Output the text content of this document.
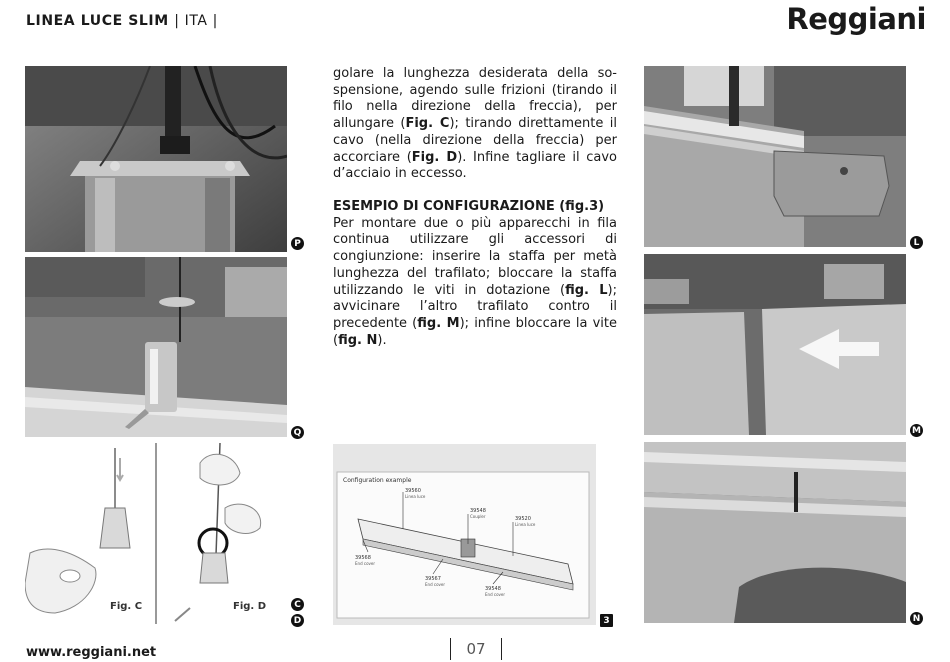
LINEA LUCE SLIM | ITA |	Reggiani
P
Q
Fig. C	Fig. D	C
D
golare la lunghezza desiderata della sospensione, agendo sulle frizioni (tirando il filo nella direzione della freccia), per allungare (Fig. C); tirando direttamente il cavo (nella direzione della freccia) per accorciare (Fig. D). Infine tagliare il cavo d’acciaio in eccesso.
ESEMPIO DI CONFIGURAZIONE (fig.3)
Per montare due o più apparecchi in fila continua utilizzare gli accessori di congiunzione: inserire la staffa per metà lunghezza del trafilato; bloccare la staffa utilizzando le viti in dotazione (fig. L); avvicinare l’altro trafilato contro il precedente (fig. M); infine bloccare la vite (fig. N).
Configuration example
39560
Linea luce
39548
Coupler	39520
Linea luce
39568
End cover
39567
End cover
39548
End cover
3
L
M
N
www.reggiani.net	07
